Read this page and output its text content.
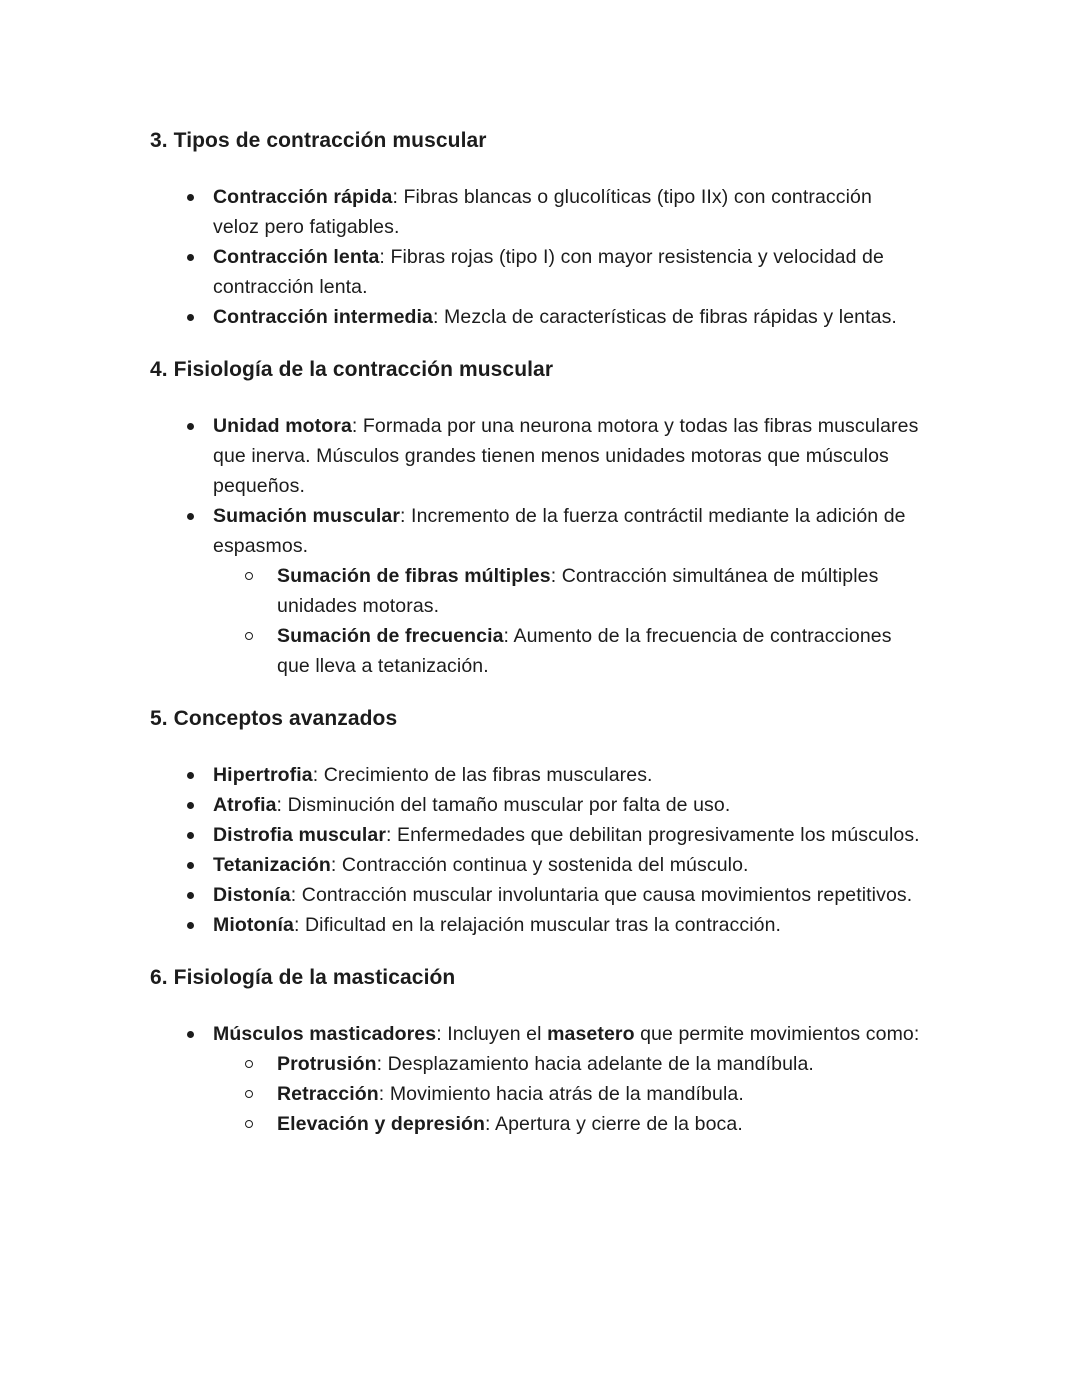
3. Tipos de contracción muscular
Contracción rápida: Fibras blancas o glucolíticas (tipo IIx) con contracción veloz pero fatigables.
Contracción lenta: Fibras rojas (tipo I) con mayor resistencia y velocidad de contracción lenta.
Contracción intermedia: Mezcla de características de fibras rápidas y lentas.
4. Fisiología de la contracción muscular
Unidad motora: Formada por una neurona motora y todas las fibras musculares que inerva. Músculos grandes tienen menos unidades motoras que músculos pequeños.
Sumación muscular: Incremento de la fuerza contráctil mediante la adición de espasmos.
Sumación de fibras múltiples: Contracción simultánea de múltiples unidades motoras.
Sumación de frecuencia: Aumento de la frecuencia de contracciones que lleva a tetanización.
5. Conceptos avanzados
Hipertrofia: Crecimiento de las fibras musculares.
Atrofia: Disminución del tamaño muscular por falta de uso.
Distrofia muscular: Enfermedades que debilitan progresivamente los músculos.
Tetanización: Contracción continua y sostenida del músculo.
Distonía: Contracción muscular involuntaria que causa movimientos repetitivos.
Miotonía: Dificultad en la relajación muscular tras la contracción.
6. Fisiología de la masticación
Músculos masticadores: Incluyen el masetero que permite movimientos como:
Protrusión: Desplazamiento hacia adelante de la mandíbula.
Retracción: Movimiento hacia atrás de la mandíbula.
Elevación y depresión: Apertura y cierre de la boca.
